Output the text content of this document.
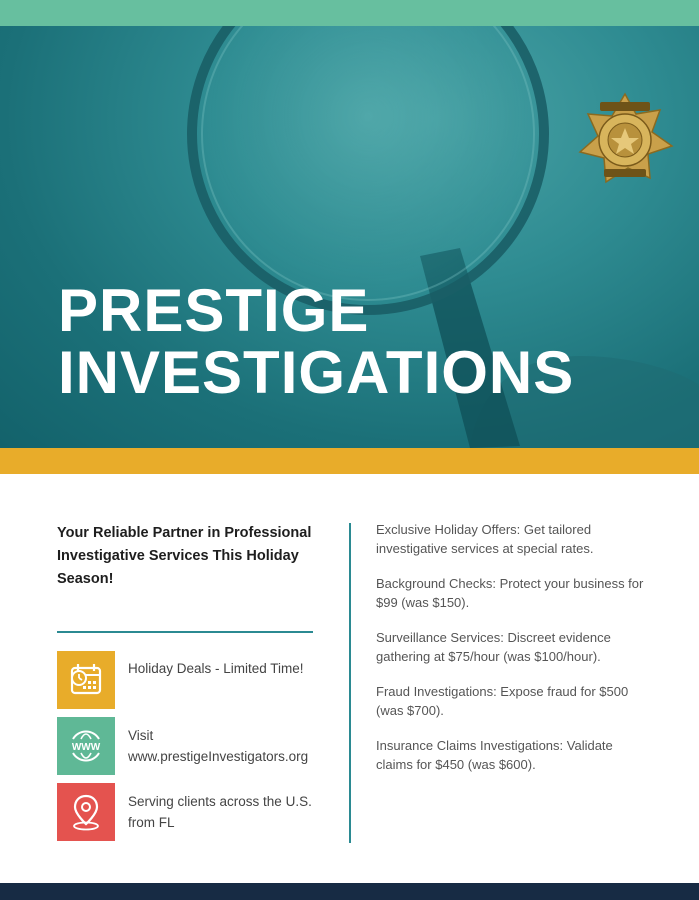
PRESTIGE
INVESTIGATIONS
Your Reliable Partner in Professional Investigative Services This Holiday Season!
Holiday Deals - Limited Time!
WWW
Visit www.prestigeInvestigators.org
Serving clients across the U.S. from FL

Exclusive Holiday Offers: Get tailored investigative services at special rates.

Background Checks: Protect your business for $99 (was $150).

Surveillance Services: Discreet evidence gathering at $75/hour (was $100/hour).

Fraud Investigations: Expose fraud for $500 (was $700).

Insurance Claims Investigations: Validate claims for $450 (was $600).
